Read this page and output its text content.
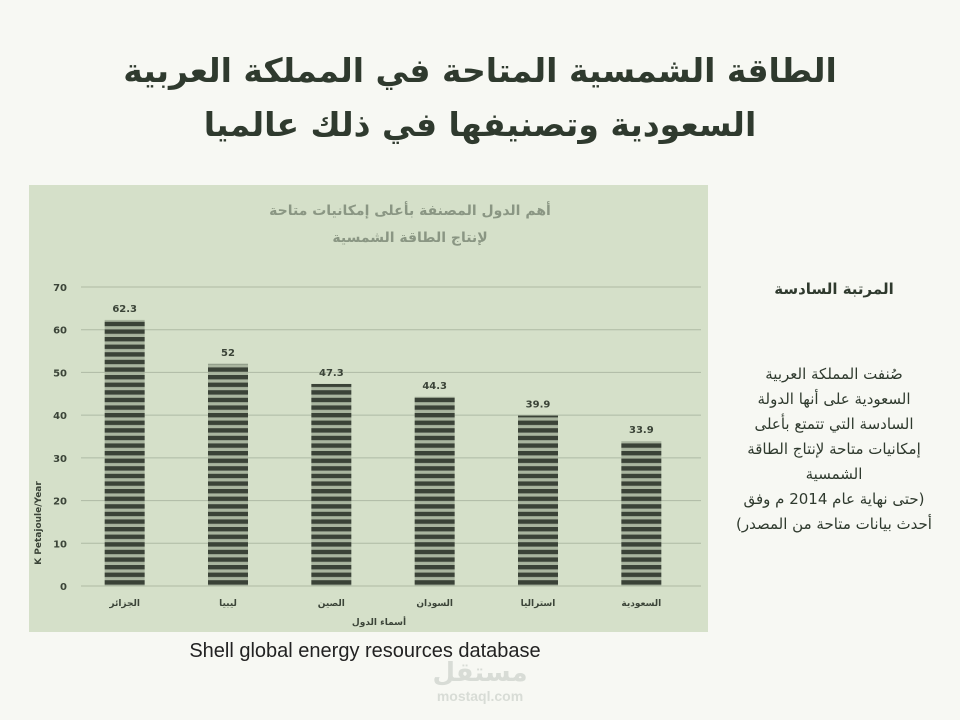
الطاقة الشمسية المتاحة في المملكة العربية
السعودية وتصنيفها في ذلك عالميا
أهم الدول المصنفة بأعلى إمكانيات متاحة
لإنتاج الطاقة الشمسية
0
10
20
30
40
50
60
70
62.3
52
47.3
44.3
39.9
33.9
الجزائر	ليبيا	الصين	السودان	استراليا	السعودية
K Petajoule/Year
أسماء الدول

المرتبة السادسة

صُنفت المملكة العربية
السعودية على أنها الدولة
السادسة التي تتمتع بأعلى
إمكانيات متاحة لإنتاج الطاقة
الشمسية
(حتى نهاية عام 2014 م وفق
أحدث بيانات متاحة من المصدر)

Shell global energy resources database
مستقل
mostaql.com
